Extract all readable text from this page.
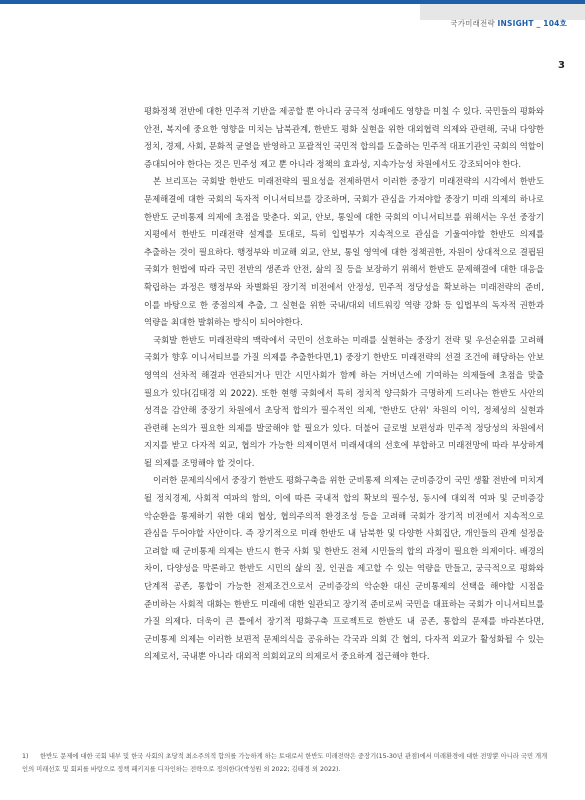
국가미래전략 INSIGHT _ 104호
3

평화정책 전반에 대한 민주적 기반을 제공할 뿐 아니라 궁극적 성패에도 영향을 미칠 수 있다. 국민들의 평화와 안전, 복지에 중요한 영향을 미치는 남북관계, 한반도 평화 실현을 위한 대외협력 의제와 관련해, 국내 다양한 정치, 경제, 사회, 문화적 균열을 반영하고 포괄적인 국민적 합의를 도출하는 민주적 대표기관인 국회의 역할이 증대되어야 한다는 것은 민주성 제고 뿐 아니라 정책의 효과성, 지속가능성 차원에서도 강조되어야 한다.

본 브리프는 국회발 한반도 미래전략의 필요성을 전제하면서 이러한 중장기 미래전략의 시각에서 한반도 문제해결에 대한 국회의 독자적 이니셔티브를 강조하며, 국회가 관심을 가져야할 중장기 미래 의제의 하나로 한반도 군비통제 의제에 초점을 맞춘다. 외교, 안보, 통일에 대한 국회의 이니셔티브를 위해서는 우선 중장기 지평에서 한반도 미래전략 설계를 토대로, 특히 입법부가 지속적으로 관심을 기울여야할 한반도 의제를 추출하는 것이 필요하다. 행정부와 비교해 외교, 안보, 통일 영역에 대한 정책권한, 자원이 상대적으로 결핍된 국회가 헌법에 따라 국민 전반의 생존과 안전, 삶의 질 등을 보장하기 위해서 한반도 문제해결에 대한 대응을 확립하는 과정은 행정부와 차별화된 장기적 비전에서 안정성, 민주적 정당성을 확보하는 미래전략의 준비, 이를 바탕으로 한 중점의제 추출, 그 실현을 위한 국내/대외 네트워킹 역량 강화 등 입법부의 독자적 권한과 역량을 최대한 발휘하는 방식이 되어야한다.

국회발 한반도 미래전략의 맥락에서 국민이 선호하는 미래를 실현하는 중장기 전략 및 우선순위를 고려해 국회가 향후 이니셔티브를 가질 의제를 추출한다면,1) 중장기 한반도 미래전략의 선결 조건에 해당하는 안보 영역의 선차적 해결과 연관되거나 민간 시민사회가 함께 하는 거버넌스에 기여하는 의제들에 초점을 맞출 필요가 있다(김태경 외 2022). 또한 현행 국회에서 특히 정치적 양극화가 극명하게 드러나는 한반도 사안의 성격을 감안해 중장기 차원에서 초당적 합의가 필수적인 의제, '한반도 단위' 차원의 이익, 정체성의 실현과 관련해 논의가 필요한 의제를 발굴해야 할 필요가 있다. 더불어 글로벌 보편성과 민주적 정당성의 차원에서 지지를 받고 다자적 외교, 협의가 가능한 의제이면서 미래세대의 선호에 부합하고 미래전망에 따라 부상하게 될 의제를 조명해야 할 것이다.

이러한 문제의식에서 중장기 한반도 평화구축을 위한 군비통제 의제는 군비증강이 국민 생활 전반에 미치게 될 정치경제, 사회적 여파의 함의, 이에 따른 국내적 합의 확보의 필수성, 동시에 대외적 여파 및 군비증강 악순환을 통제하기 위한 대외 협상, 협의주의적 환경조성 등을 고려해 국회가 장기적 비전에서 지속적으로 관심을 두어야할 사안이다. 즉 장기적으로 미래 한반도 내 남북한 및 다양한 사회집단, 개인들의 관계 설정을 고려할 때 군비통제 의제는 반드시 한국 사회 및 한반도 전체 시민들의 합의 과정이 필요한 의제이다. 배경의 차이, 다양성을 막론하고 한반도 시민의 삶의 질, 인권을 제고할 수 있는 역량을 만들고, 궁극적으로 평화와 단계적 공존, 통합이 가능한 전제조건으로서 군비증강의 악순환 대신 군비통제의 선택을 해야할 시점을 준비하는 사회적 대화는 한반도 미래에 대한 일관되고 장기적 준비로써 국민을 대표하는 국회가 이니셔티브를 가질 의제다. 더욱이 큰 틀에서 장기적 평화구축 프로젝트로 한반도 내 공존, 통합의 문제를 바라본다면, 군비통제 의제는 이러한 보편적 문제의식을 공유하는 각국과 의회 간 협의, 다자적 외교가 활성화될 수 있는 의제로서, 국내뿐 아니라 대외적 의회외교의 의제로서 중요하게 접근해야 한다.

1) 한반도 문제에 대한 국회 내부 및 한국 사회의 초당적 최소주의적 합의를 가능하게 하는 토대로서 한반도 미래전략은 중장기(15-30년 관점)에서 미래환경에 대한 전망뿐 아니라 국민 개개인의 미래선호 및 회피를 바탕으로 정책 패키지를 디자인하는 전략으로 정의한다(박성원 외 2022; 김태경 외 2022).
